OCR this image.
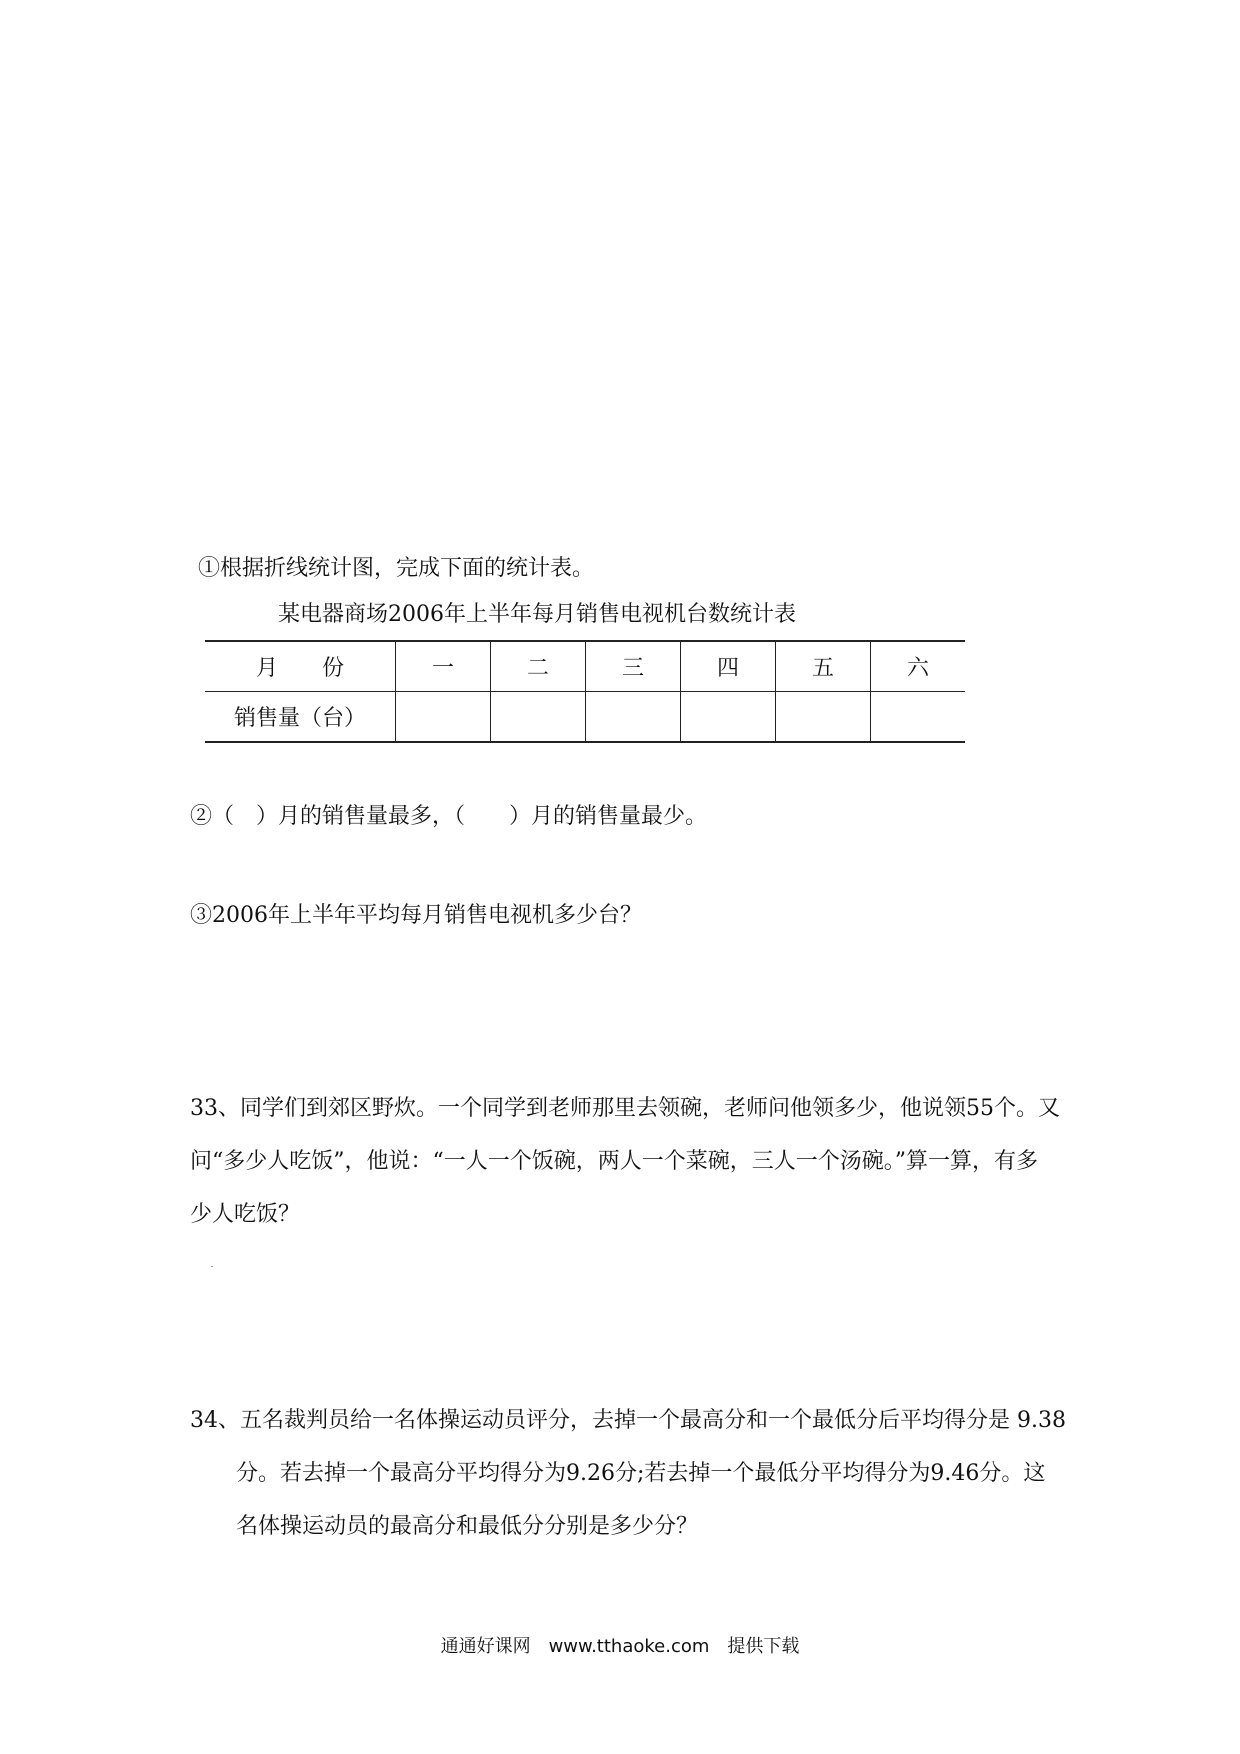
①根据折线统计图，完成下面的统计表。
某电器商场2006年上半年每月销售电视机台数统计表
月　　份	一	二	三	四	五	六
销售量（台）						
②（　）月的销售量最多，（　　）月的销售量最少。
③2006年上半年平均每月销售电视机多少台？
33、同学们到郊区野炊。一个同学到老师那里去领碗，老师问他领多少，他说领55个。又
问“多少人吃饭”，他说：“一人一个饭碗，两人一个菜碗，三人一个汤碗。”算一算，有多
少人吃饭？
34、五名裁判员给一名体操运动员评分，去掉一个最高分和一个最低分后平均得分是 9.38
分。若去掉一个最高分平均得分为9.26分;若去掉一个最低分平均得分为9.46分。这
名体操运动员的最高分和最低分分别是多少分？
通通好课网　www.tthaoke.com　提供下载
